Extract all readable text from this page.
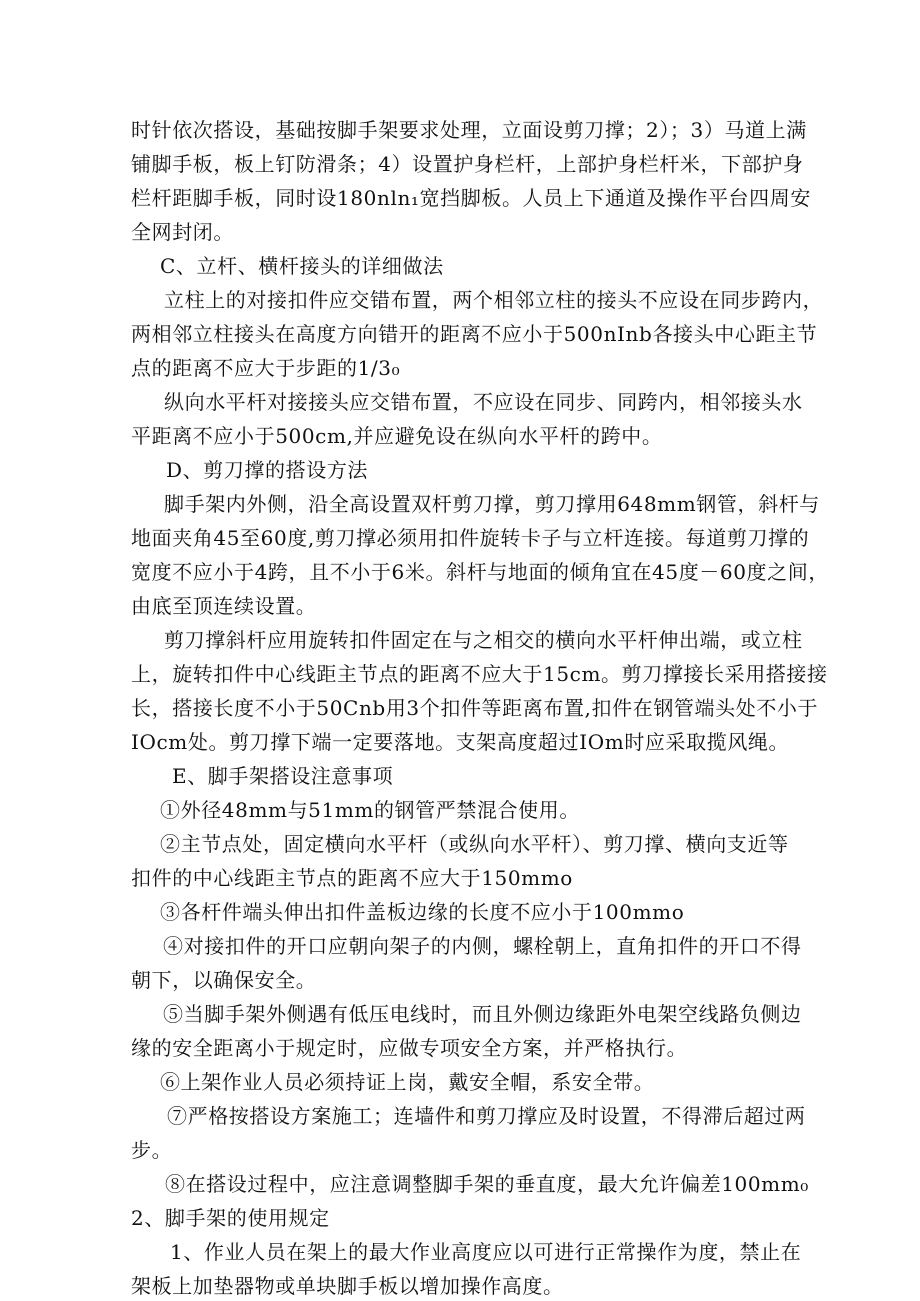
时针依次搭设，基础按脚手架要求处理，立面设剪刀撑；2）；3）马道上满
铺脚手板，板上钉防滑条；4）设置护身栏杆，上部护身栏杆米，下部护身
栏杆距脚手板，同时设180nln₁宽挡脚板。人员上下通道及操作平台四周安
全网封闭。
C、立杆、横杆接头的详细做法
立柱上的对接扣件应交错布置，两个相邻立柱的接头不应设在同步跨内，
两相邻立柱接头在高度方向错开的距离不应小于500nInb各接头中心距主节
点的距离不应大于步距的1/3₀
纵向水平杆对接接头应交错布置，不应设在同步、同跨内，相邻接头水
平距离不应小于500cm,并应避免设在纵向水平杆的跨中。
D、剪刀撑的搭设方法
脚手架内外侧，沿全高设置双杆剪刀撑，剪刀撑用648mm钢管，斜杆与
地面夹角45至60度,剪刀撑必须用扣件旋转卡子与立杆连接。每道剪刀撑的
宽度不应小于4跨，且不小于6米。斜杆与地面的倾角宜在45度－60度之间，
由底至顶连续设置。
剪刀撑斜杆应用旋转扣件固定在与之相交的横向水平杆伸出端，或立柱
上，旋转扣件中心线距主节点的距离不应大于15cm。剪刀撑接长采用搭接接
长，搭接长度不小于50Cnb用3个扣件等距离布置,扣件在钢管端头处不小于
IOcm处。剪刀撑下端一定要落地。支架高度超过IOm时应采取揽风绳。
E、脚手架搭设注意事项
①外径48mm与51mm的钢管严禁混合使用。
②主节点处，固定横向水平杆（或纵向水平杆）、剪刀撑、横向支近等
扣件的中心线距主节点的距离不应大于150mmo
③各杆件端头伸出扣件盖板边缘的长度不应小于100mmo
④对接扣件的开口应朝向架子的内侧，螺栓朝上，直角扣件的开口不得
朝下，以确保安全。
⑤当脚手架外侧遇有低压电线时，而且外侧边缘距外电架空线路负侧边
缘的安全距离小于规定时，应做专项安全方案，并严格执行。
⑥上架作业人员必须持证上岗，戴安全帽，系安全带。
⑦严格按搭设方案施工；连墙件和剪刀撑应及时设置，不得滞后超过两
步。
⑧在搭设过程中，应注意调整脚手架的垂直度，最大允许偏差100mm₀
2、脚手架的使用规定
1、作业人员在架上的最大作业高度应以可进行正常操作为度，禁止在
架板上加垫器物或单块脚手板以增加操作高度。
